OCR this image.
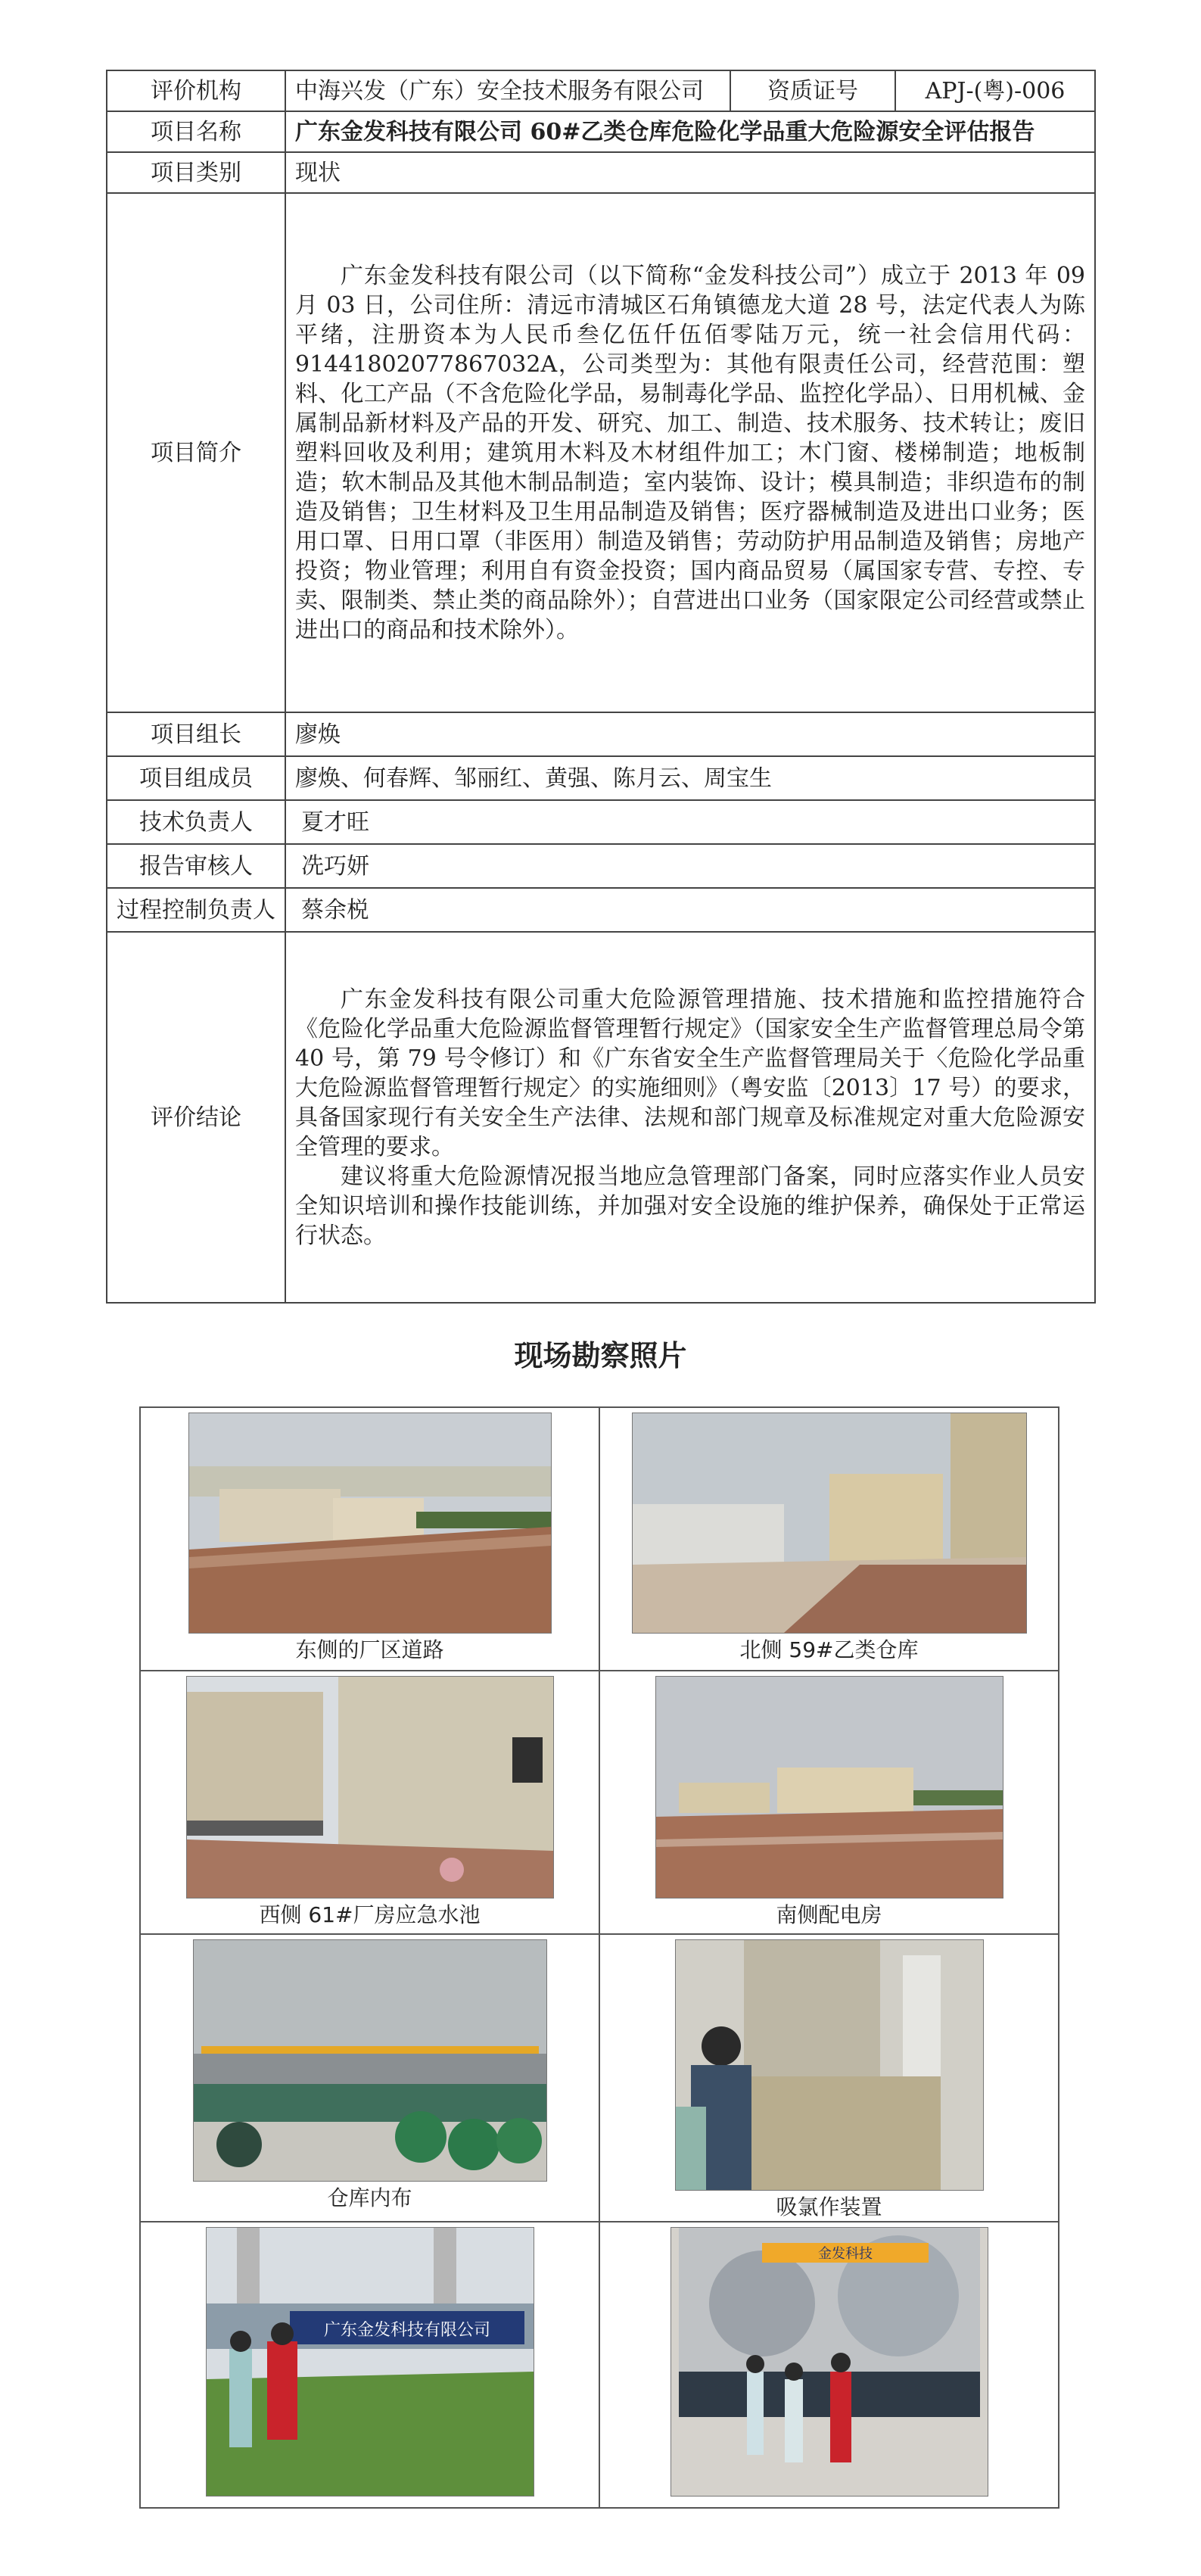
评价机构	中海兴发（广东）安全技术服务有限公司	资质证号	APJ-(粤)-006
项目名称	广东金发科技有限公司 60#乙类仓库危险化学品重大危险源安全评估报告		
项目类别	现状		
项目简介	广东金发科技有限公司（以下简称“金发科技公司”）成立于 2013 年 09 月 03 日，公司住所：清远市清城区石角镇德龙大道 28 号，法定代表人为陈平绪，注册资本为人民币叁亿伍仟伍佰零陆万元，统一社会信用代码：91441802077867032A，公司类型为：其他有限责任公司，经营范围：塑料、化工产品（不含危险化学品，易制毒化学品、监控化学品）、日用机械、金属制品新材料及产品的开发、研究、加工、制造、技术服务、技术转让；废旧塑料回收及利用；建筑用木料及木材组件加工；木门窗、楼梯制造；地板制造；软木制品及其他木制品制造；室内装饰、设计；模具制造；非织造布的制造及销售；卫生材料及卫生用品制造及销售；医疗器械制造及进出口业务；医用口罩、日用口罩（非医用）制造及销售；劳动防护用品制造及销售；房地产投资；物业管理；利用自有资金投资；国内商品贸易（属国家专营、专控、专卖、限制类、禁止类的商品除外）；自营进出口业务（国家限定公司经营或禁止进出口的商品和技术除外）。		

项目组长	廖焕		
项目组成员	廖焕、何春辉、邹丽红、黄强、陈月云、周宝生		
技术负责人	夏才旺		
报告审核人	冼巧妍		
过程控制负责人	蔡余棁		
评价结论	广东金发科技有限公司重大危险源管理措施、技术措施和监控措施符合《危险化学品重大危险源监督管理暂行规定》（国家安全生产监督管理总局令第 40 号，第 79 号令修订）和《广东省安全生产监督管理局关于〈危险化学品重大危险源监督管理暂行规定〉的实施细则》（粤安监〔2013〕17 号）的要求，具备国家现行有关安全生产法律、法规和部门规章及标准规定对重大危险源安全管理的要求。

建议将重大危险源情况报当地应急管理部门备案，同时应落实作业人员安全知识培训和操作技能训练，并加强对安全设施的维护保养，确保处于正常运行状态。		

现场勘察照片
东侧的厂区道路	北侧 59#乙类仓库

西侧 61#厂房应急水池	南侧配电房

仓库内布	吸氯作装置

广东金发科技有限公司	金发科技
